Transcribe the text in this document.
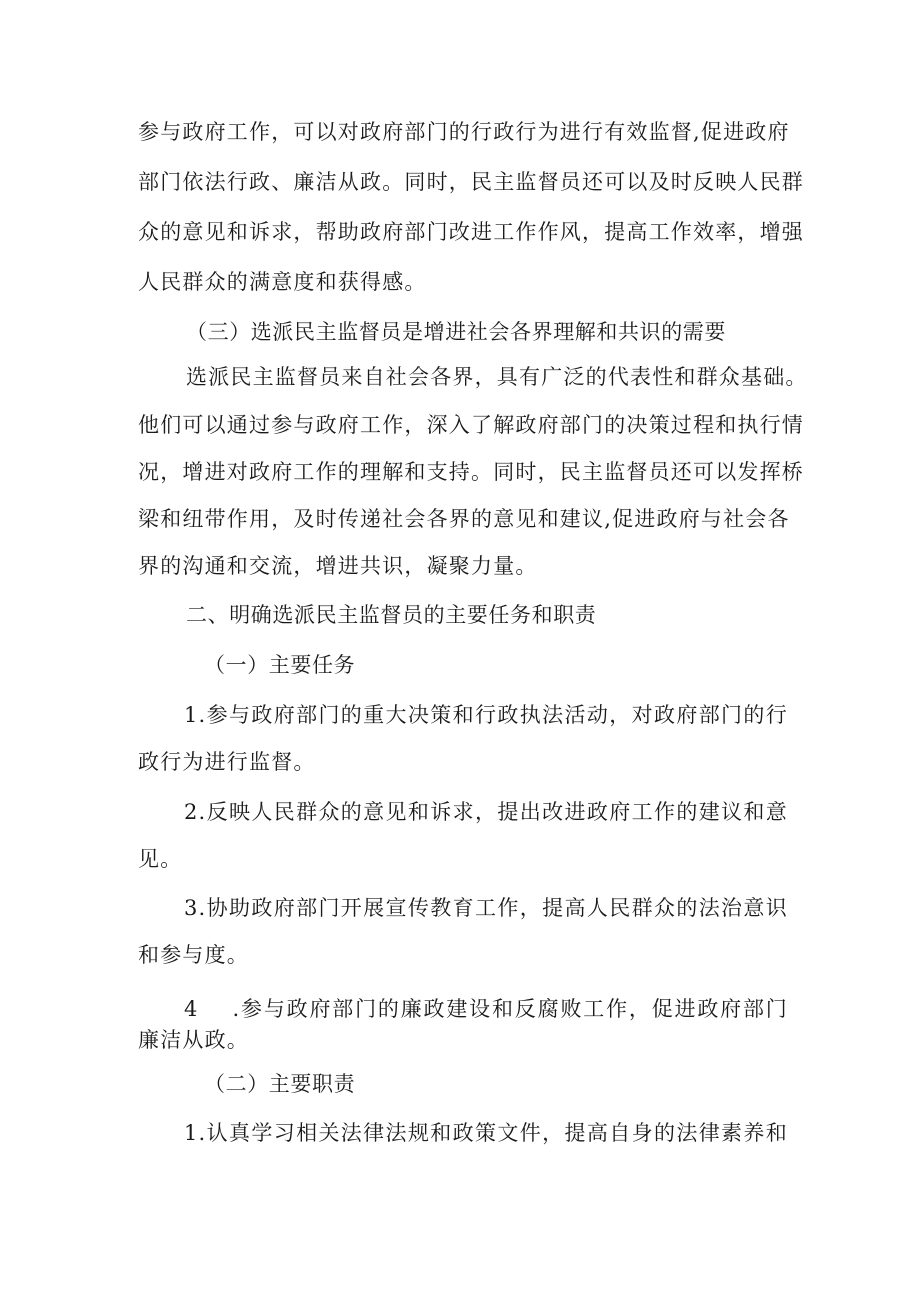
参与政府工作，可以对政府部门的行政行为进行有效监督,促进政府
部门依法行政、廉洁从政。同时，民主监督员还可以及时反映人民群
众的意见和诉求，帮助政府部门改进工作作风，提高工作效率，增强
人民群众的满意度和获得感。
（三）选派民主监督员是增进社会各界理解和共识的需要
选派民主监督员来自社会各界，具有广泛的代表性和群众基础。
他们可以通过参与政府工作，深入了解政府部门的决策过程和执行情
况，增进对政府工作的理解和支持。同时，民主监督员还可以发挥桥
梁和纽带作用，及时传递社会各界的意见和建议,促进政府与社会各
界的沟通和交流，增进共识，凝聚力量。
二、明确选派民主监督员的主要任务和职责
（一）主要任务
1.参与政府部门的重大决策和行政执法活动，对政府部门的行
政行为进行监督。
2.反映人民群众的意见和诉求，提出改进政府工作的建议和意
见。
3.协助政府部门开展宣传教育工作，提高人民群众的法治意识
和参与度。
4    .参与政府部门的廉政建设和反腐败工作，促进政府部门
廉洁从政。
（二）主要职责
1.认真学习相关法律法规和政策文件，提高自身的法律素养和
